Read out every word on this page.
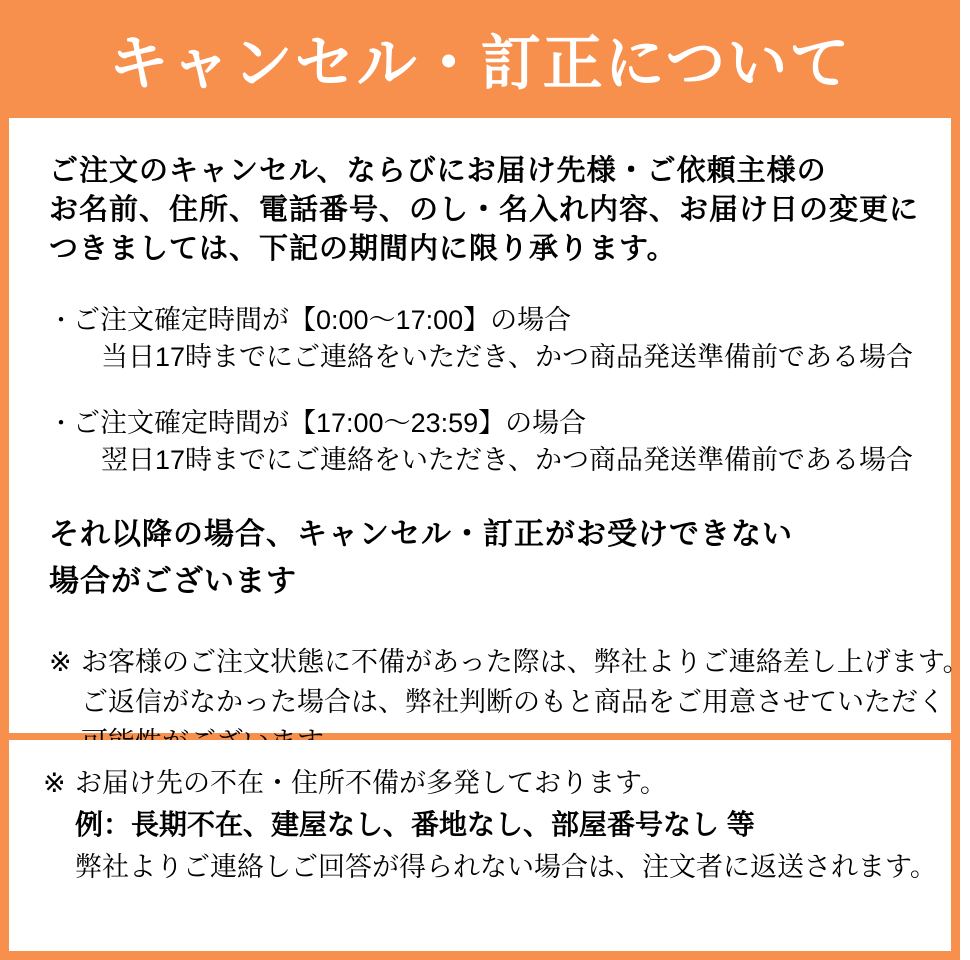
キャンセル・訂正について
ご注文のキャンセル、ならびにお届け先様・ご依頼主様の
お名前、住所、電話番号、のし・名入れ内容、お届け日の変更に
つきましては、下記の期間内に限り承ります。
・ ご注文確定時間が【0:00～17:00】の場合
当日17時までにご連絡をいただき、かつ商品発送準備前である場合
・ ご注文確定時間が【17:00～23:59】の場合
翌日17時までにご連絡をいただき、かつ商品発送準備前である場合
それ以降の場合、キャンセル・訂正がお受けできない
場合がございます
※ お客様のご注文状態に不備があった際は、弊社よりご連絡差し上げます。
ご返信がなかった場合は、弊社判断のもと商品をご用意させていただく
※ お届け先の不在・住所不備が多発しております。
例：長期不在、建屋なし、番地なし、部屋番号なし 等
弊社よりご連絡しご回答が得られない場合は、注文者に返送されます。
